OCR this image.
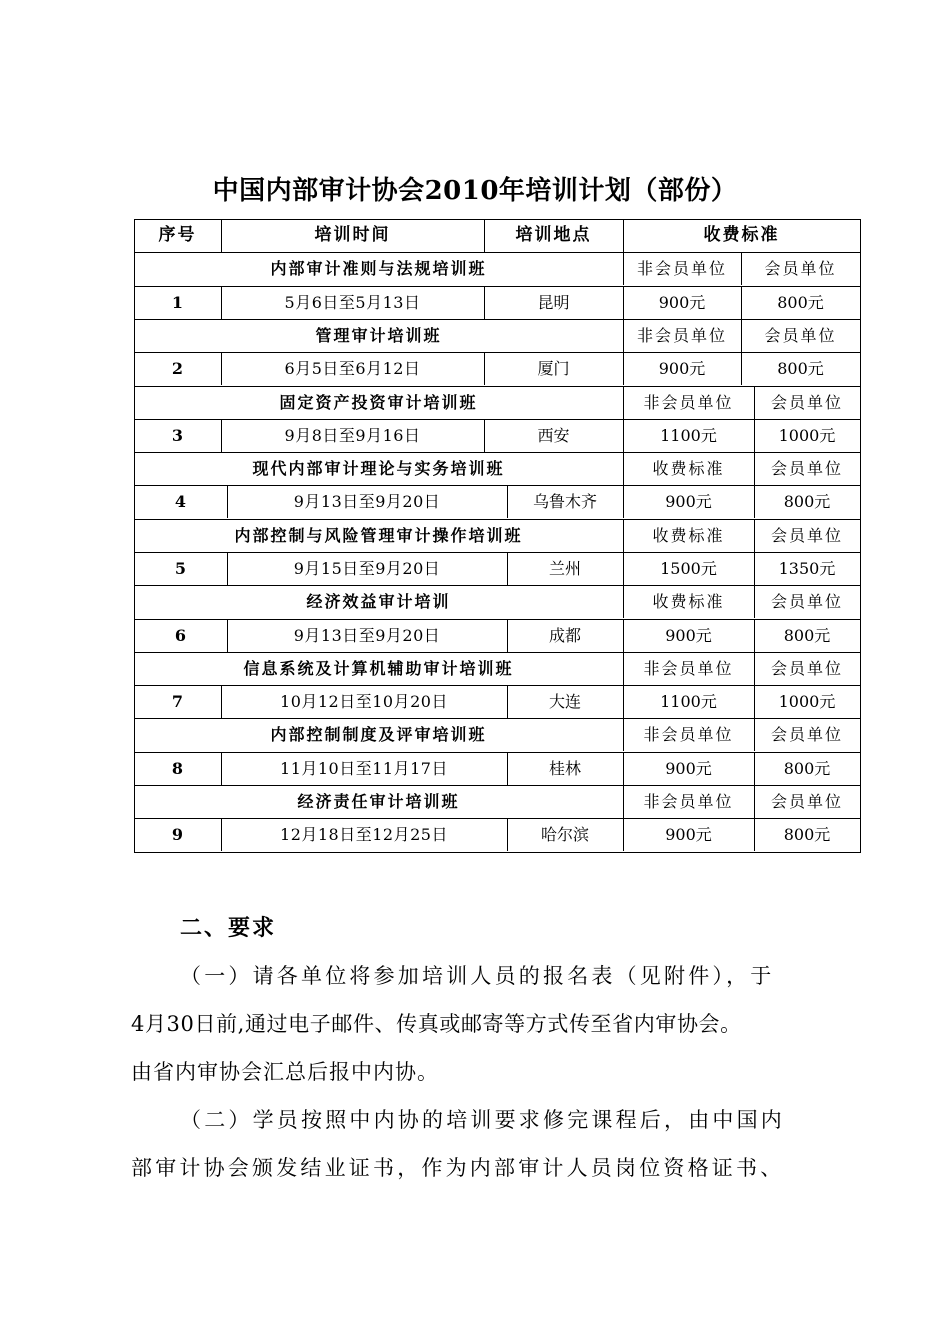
中国内部审计协会2010年培训计划（部份）
序号	培训时间	培训地点	收费标准
内部审计准则与法规培训班	非会员单位	会员单位
1	5月6日至5月13日	昆明	900元	800元
管理审计培训班	非会员单位	会员单位
2	6月5日至6月12日	厦门	900元	800元
固定资产投资审计培训班	非会员单位	会员单位
3	9月8日至9月16日	西安	1100元	1000元
现代内部审计理论与实务培训班	收费标准	会员单位
4	9月13日至9月20日	乌鲁木齐	900元	800元
内部控制与风险管理审计操作培训班	收费标准	会员单位
5	9月15日至9月20日	兰州	1500元	1350元
经济效益审计培训	收费标准	会员单位
6	9月13日至9月20日	成都	900元	800元
信息系统及计算机辅助审计培训班	非会员单位	会员单位
7	10月12日至10月20日	大连	1100元	1000元
内部控制制度及评审培训班	非会员单位	会员单位
8	11月10日至11月17日	桂林	900元	800元
经济责任审计培训班	非会员单位	会员单位
9	12月18日至12月25日	哈尔滨	900元	800元
二、要求
（一）请各单位将参加培训人员的报名表（见附件），于
4月30日前,通过电子邮件、传真或邮寄等方式传至省内审协会。
由省内审协会汇总后报中内协。
（二）学员按照中内协的培训要求修完课程后，由中国内
部审计协会颁发结业证书，作为内部审计人员岗位资格证书、
